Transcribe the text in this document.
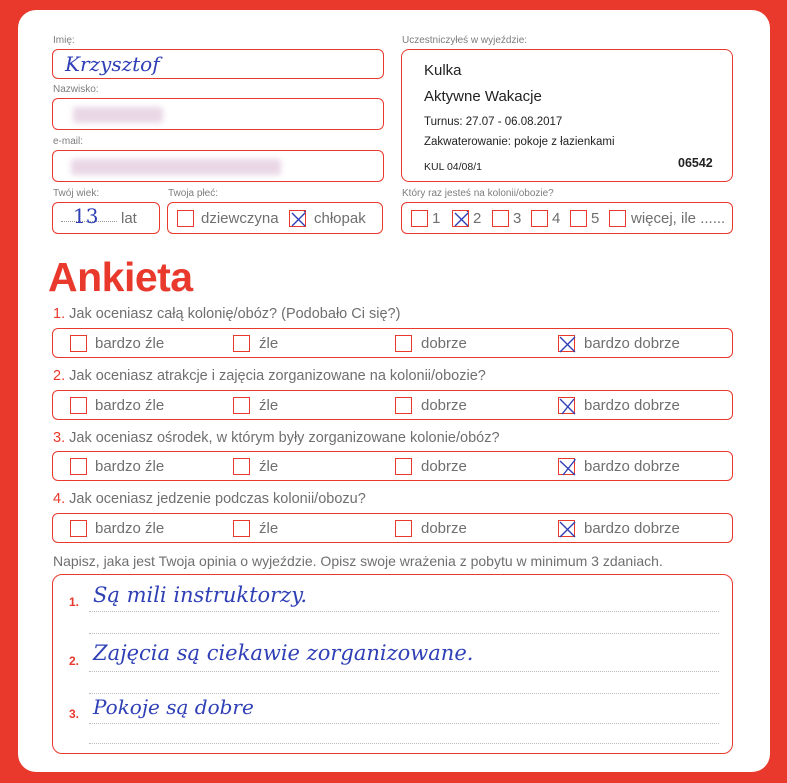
Imię:
Krzysztof
Nazwisko:
e-mail:
Twój wiek:
13 lat
Twoja płeć:
dziewczyna chłopak
Uczestniczyłeś w wyjeździe:
Kulka
Aktywne Wakacje
Turnus: 27.07 - 06.08.2017
Zakwaterowanie: pokoje z łazienkami
KUL 04/08/1	06542
Który raz jesteś na kolonii/obozie?
1 2 3 4 5 więcej, ile ......
Ankieta
1. Jak oceniasz całą kolonię/obóz? (Podobało Ci się?)
bardzo źle	źle	dobrze	bardzo dobrze
2. Jak oceniasz atrakcje i zajęcia zorganizowane na kolonii/obozie?
bardzo źle	źle	dobrze	bardzo dobrze
3. Jak oceniasz ośrodek, w którym były zorganizowane kolonie/obóz?
bardzo źle	źle	dobrze	bardzo dobrze
4. Jak oceniasz jedzenie podczas kolonii/obozu?
bardzo źle	źle	dobrze	bardzo dobrze
Napisz, jaka jest Twoja opinia o wyjeździe. Opisz swoje wrażenia z pobytu w minimum 3 zdaniach.
1. Są mili instruktorzy.
2. Zajęcia są ciekawie zorganizowane.
3. Pokoje są dobre
